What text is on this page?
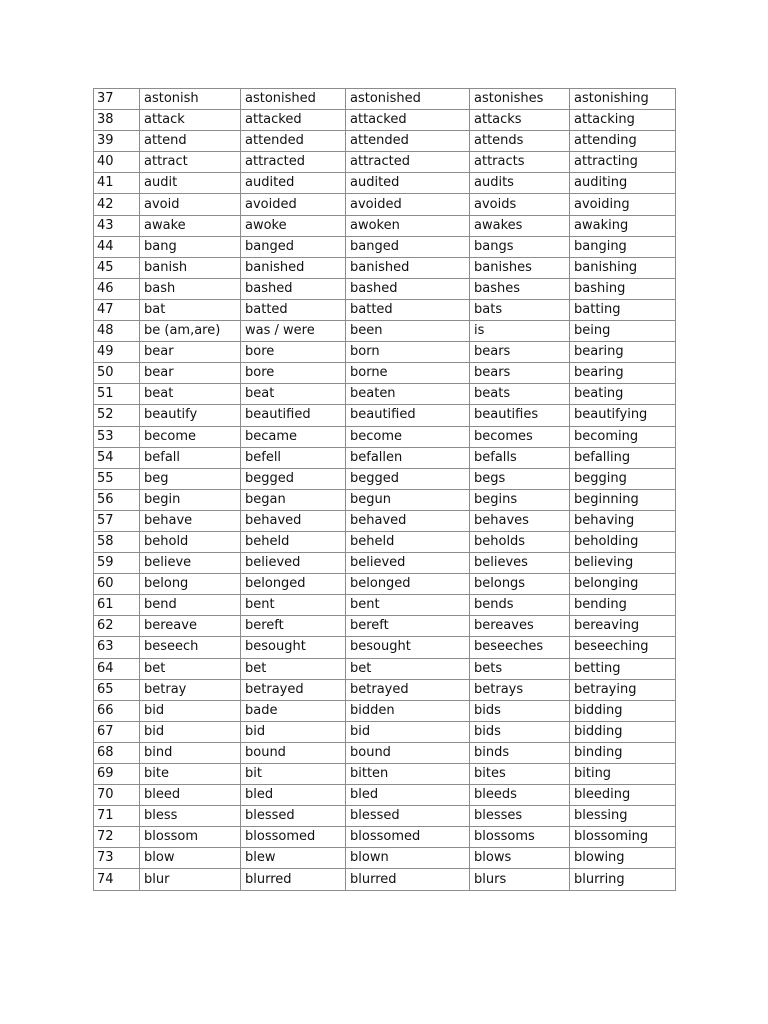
37	astonish	astonished	astonished	astonishes	astonishing
38	attack	attacked	attacked	attacks	attacking
39	attend	attended	attended	attends	attending
40	attract	attracted	attracted	attracts	attracting
41	audit	audited	audited	audits	auditing
42	avoid	avoided	avoided	avoids	avoiding
43	awake	awoke	awoken	awakes	awaking
44	bang	banged	banged	bangs	banging
45	banish	banished	banished	banishes	banishing
46	bash	bashed	bashed	bashes	bashing
47	bat	batted	batted	bats	batting
48	be (am,are)	was / were	been	is	being
49	bear	bore	born	bears	bearing
50	bear	bore	borne	bears	bearing
51	beat	beat	beaten	beats	beating
52	beautify	beautified	beautified	beautifies	beautifying
53	become	became	become	becomes	becoming
54	befall	befell	befallen	befalls	befalling
55	beg	begged	begged	begs	begging
56	begin	began	begun	begins	beginning
57	behave	behaved	behaved	behaves	behaving
58	behold	beheld	beheld	beholds	beholding
59	believe	believed	believed	believes	believing
60	belong	belonged	belonged	belongs	belonging
61	bend	bent	bent	bends	bending
62	bereave	bereft	bereft	bereaves	bereaving
63	beseech	besought	besought	beseeches	beseeching
64	bet	bet	bet	bets	betting
65	betray	betrayed	betrayed	betrays	betraying
66	bid	bade	bidden	bids	bidding
67	bid	bid	bid	bids	bidding
68	bind	bound	bound	binds	binding
69	bite	bit	bitten	bites	biting
70	bleed	bled	bled	bleeds	bleeding
71	bless	blessed	blessed	blesses	blessing
72	blossom	blossomed	blossomed	blossoms	blossoming
73	blow	blew	blown	blows	blowing
74	blur	blurred	blurred	blurs	blurring
